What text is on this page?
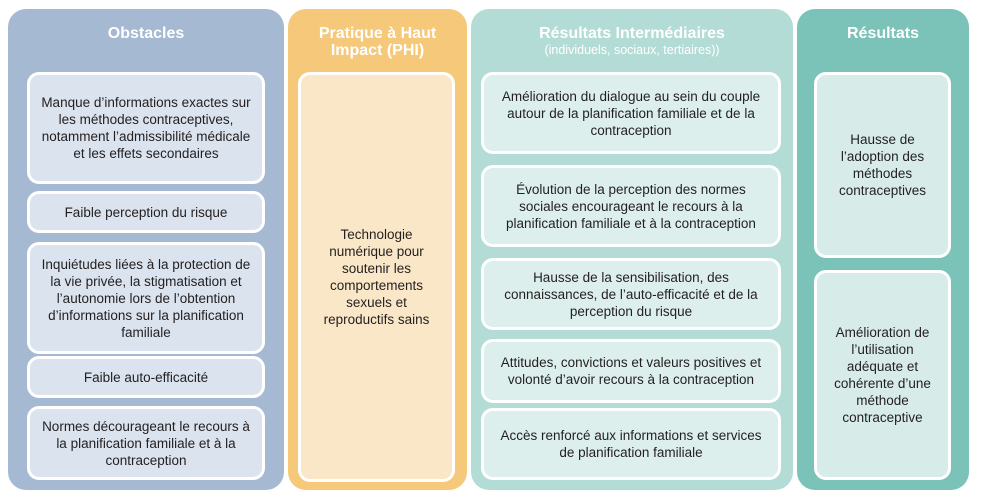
Obstacles
Manque d’informations exactes sur les méthodes contraceptives, notamment l’admissibilité médicale et les effets secondaires
Faible perception du risque
Inquiétudes liées à la protection de la vie privée, la stigmatisation et l’autonomie lors de l’obtention d’informations sur la planification familiale
Faible auto-efficacité
Normes décourageant le recours à la planification familiale et à la contraception
Pratique à Haut Impact (PHI)
Technologie numérique pour soutenir les comportements sexuels et reproductifs sains
Résultats Intermédiaires
(individuels, sociaux, tertiaires))
Amélioration du dialogue au sein du couple autour de la planification familiale et de la contraception
Évolution de la perception des normes sociales encourageant le recours à la planification familiale et à la contraception
Hausse de la sensibilisation, des connaissances, de l’auto-efficacité et de la perception du risque
Attitudes, convictions et valeurs positives et volonté d’avoir recours à la contraception
Accès renforcé aux informations et services de planification familiale
Résultats
Hausse de l’adoption des méthodes contraceptives
Amélioration de l’utilisation adéquate et cohérente d’une méthode contraceptive
